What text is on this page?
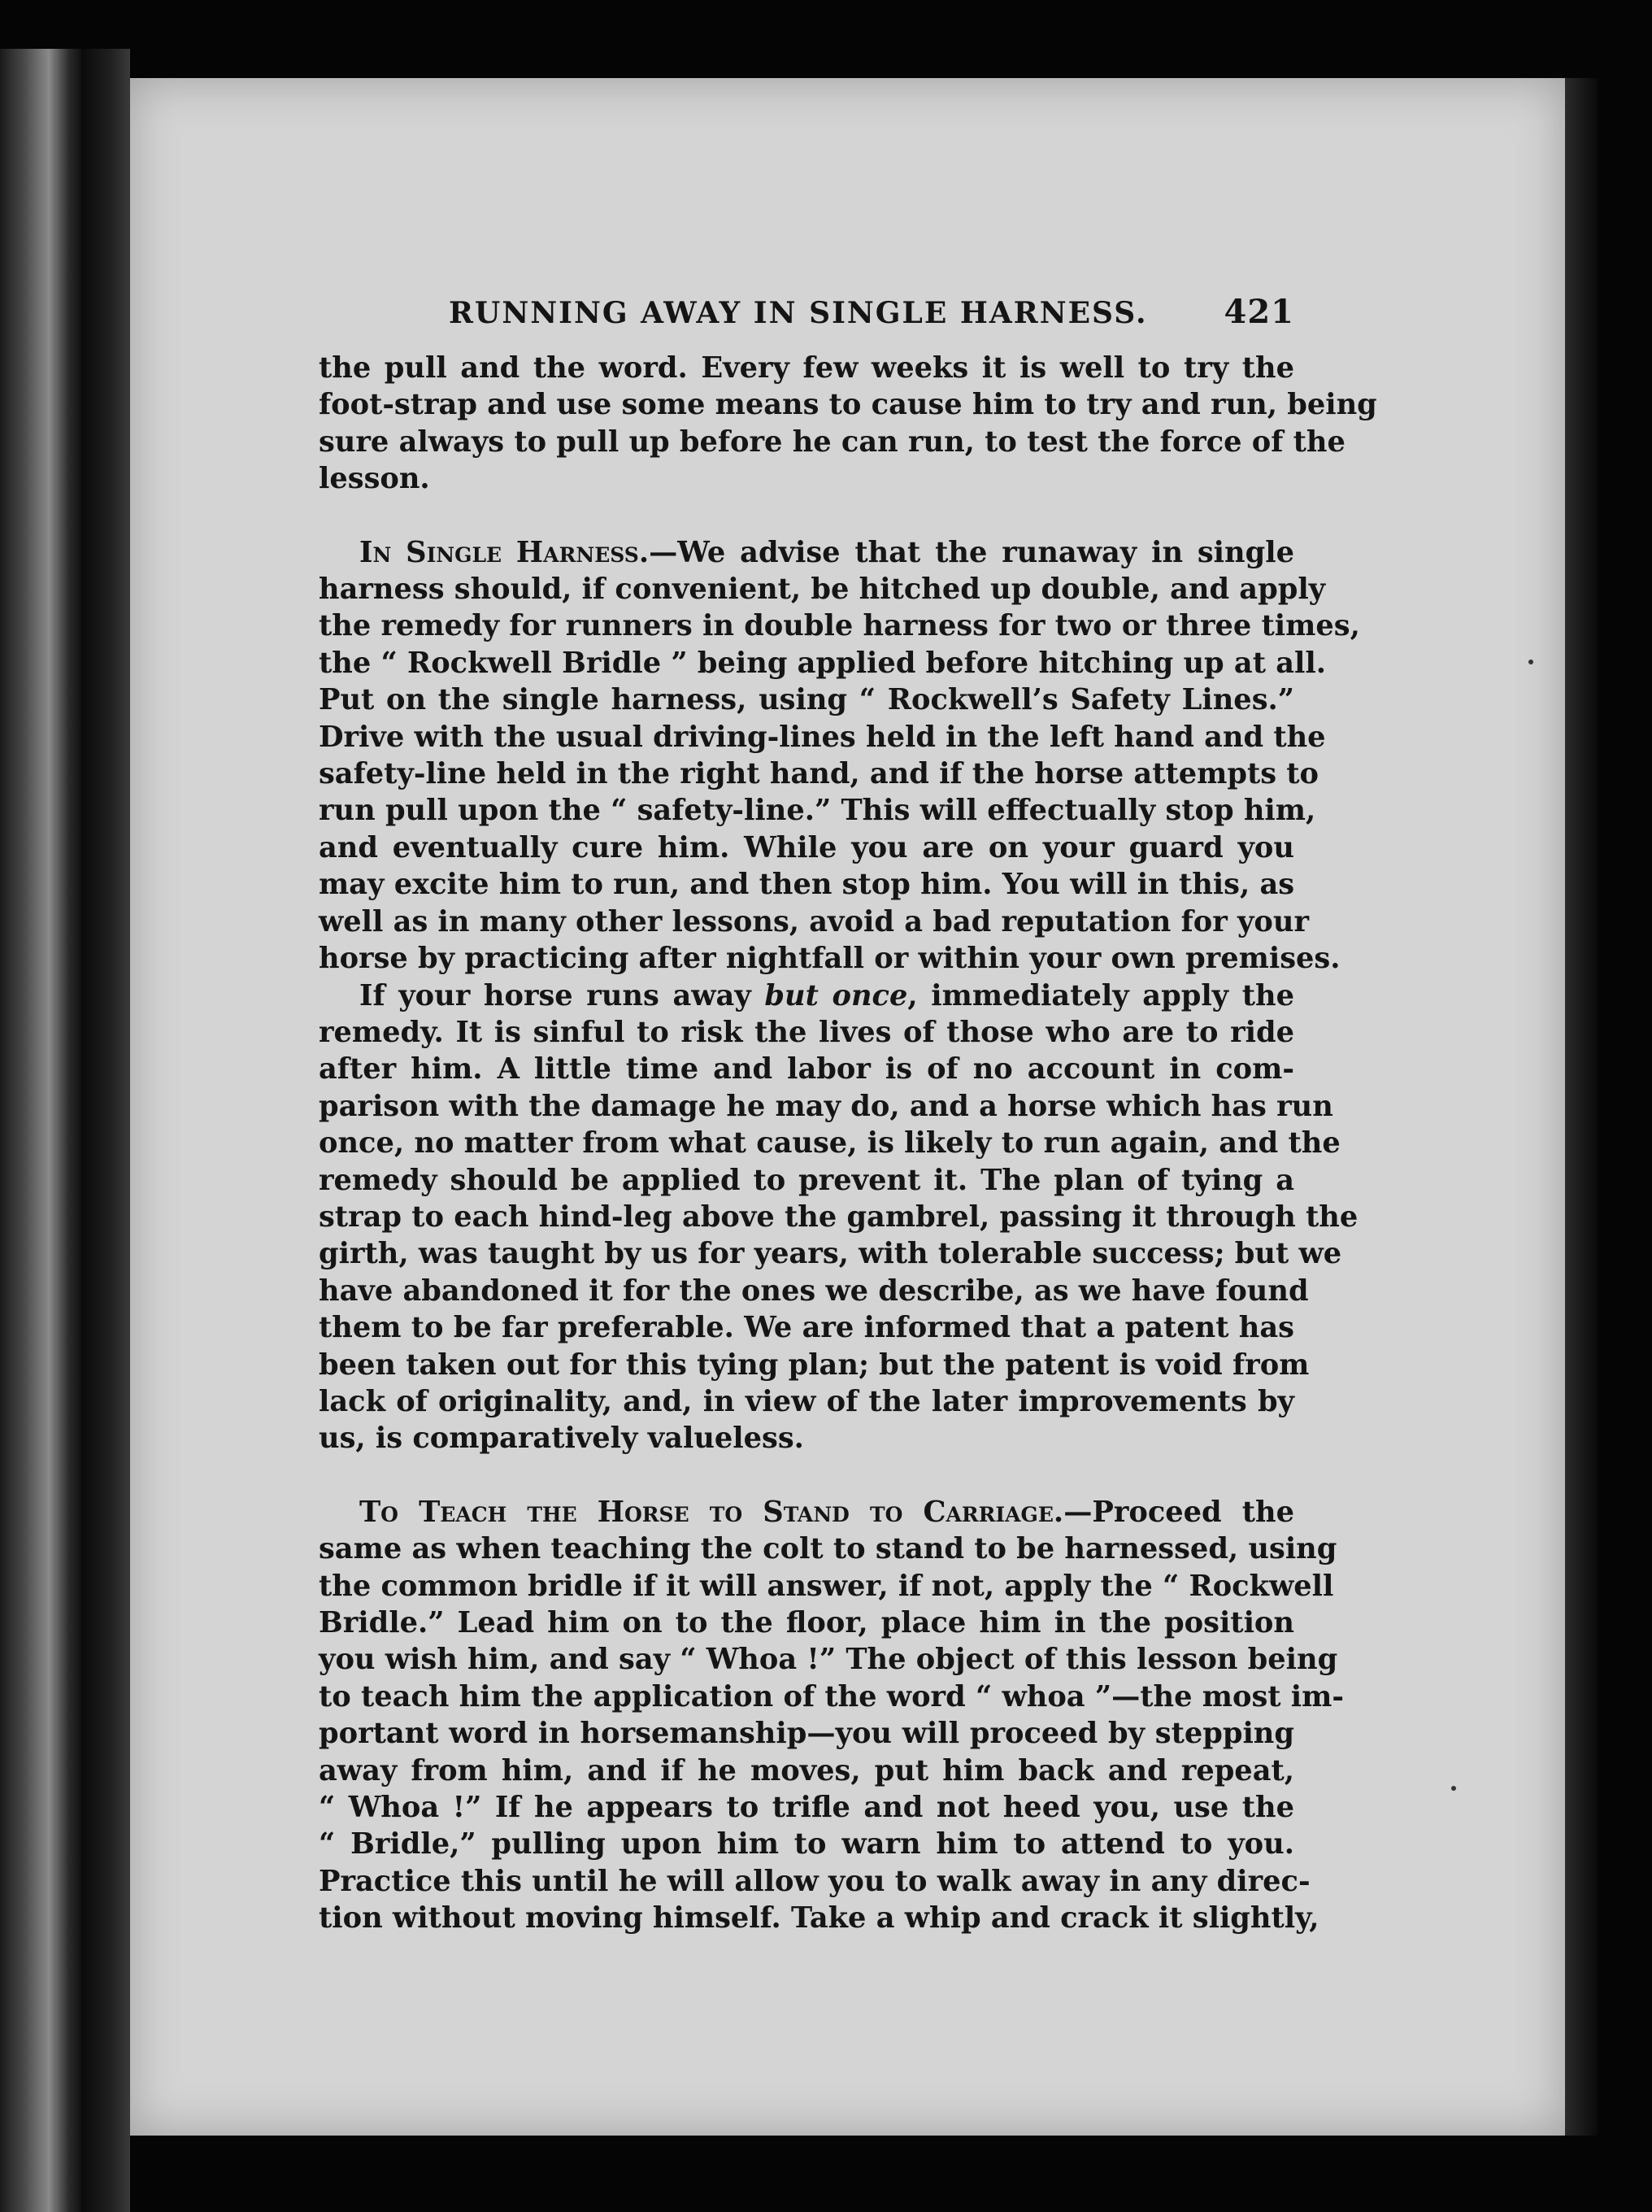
RUNNING AWAY IN SINGLE HARNESS. 421

the pull and the word. Every few weeks it is well to try the
foot-strap and use some means to cause him to try and run, being
sure always to pull up before he can run, to test the force of the
lesson.

In Single Harness.—We advise that the runaway in single
harness should, if convenient, be hitched up double, and apply
the remedy for runners in double harness for two or three times,
the “ Rockwell Bridle ” being applied before hitching up at all.
Put on the single harness, using “ Rockwell’s Safety Lines.”
Drive with the usual driving-lines held in the left hand and the
safety-line held in the right hand, and if the horse attempts to
run pull upon the “ safety-line.” This will effectually stop him,
and eventually cure him. While you are on your guard you
may excite him to run, and then stop him. You will in this, as
well as in many other lessons, avoid a bad reputation for your
horse by practicing after nightfall or within your own premises.

If your horse runs away but once, immediately apply the
remedy. It is sinful to risk the lives of those who are to ride
after him. A little time and labor is of no account in com-
parison with the damage he may do, and a horse which has run
once, no matter from what cause, is likely to run again, and the
remedy should be applied to prevent it. The plan of tying a
strap to each hind-leg above the gambrel, passing it through the
girth, was taught by us for years, with tolerable success; but we
have abandoned it for the ones we describe, as we have found
them to be far preferable. We are informed that a patent has
been taken out for this tying plan; but the patent is void from
lack of originality, and, in view of the later improvements by
us, is comparatively valueless.

To Teach the Horse to Stand to Carriage.—Proceed the
same as when teaching the colt to stand to be harnessed, using
the common bridle if it will answer, if not, apply the “ Rockwell
Bridle.” Lead him on to the floor, place him in the position
you wish him, and say “ Whoa !” The object of this lesson being
to teach him the application of the word “ whoa ”—the most im-
portant word in horsemanship—you will proceed by stepping
away from him, and if he moves, put him back and repeat,
“ Whoa !” If he appears to trifle and not heed you, use the
“ Bridle,” pulling upon him to warn him to attend to you.
Practice this until he will allow you to walk away in any direc-
tion without moving himself. Take a whip and crack it slightly,
